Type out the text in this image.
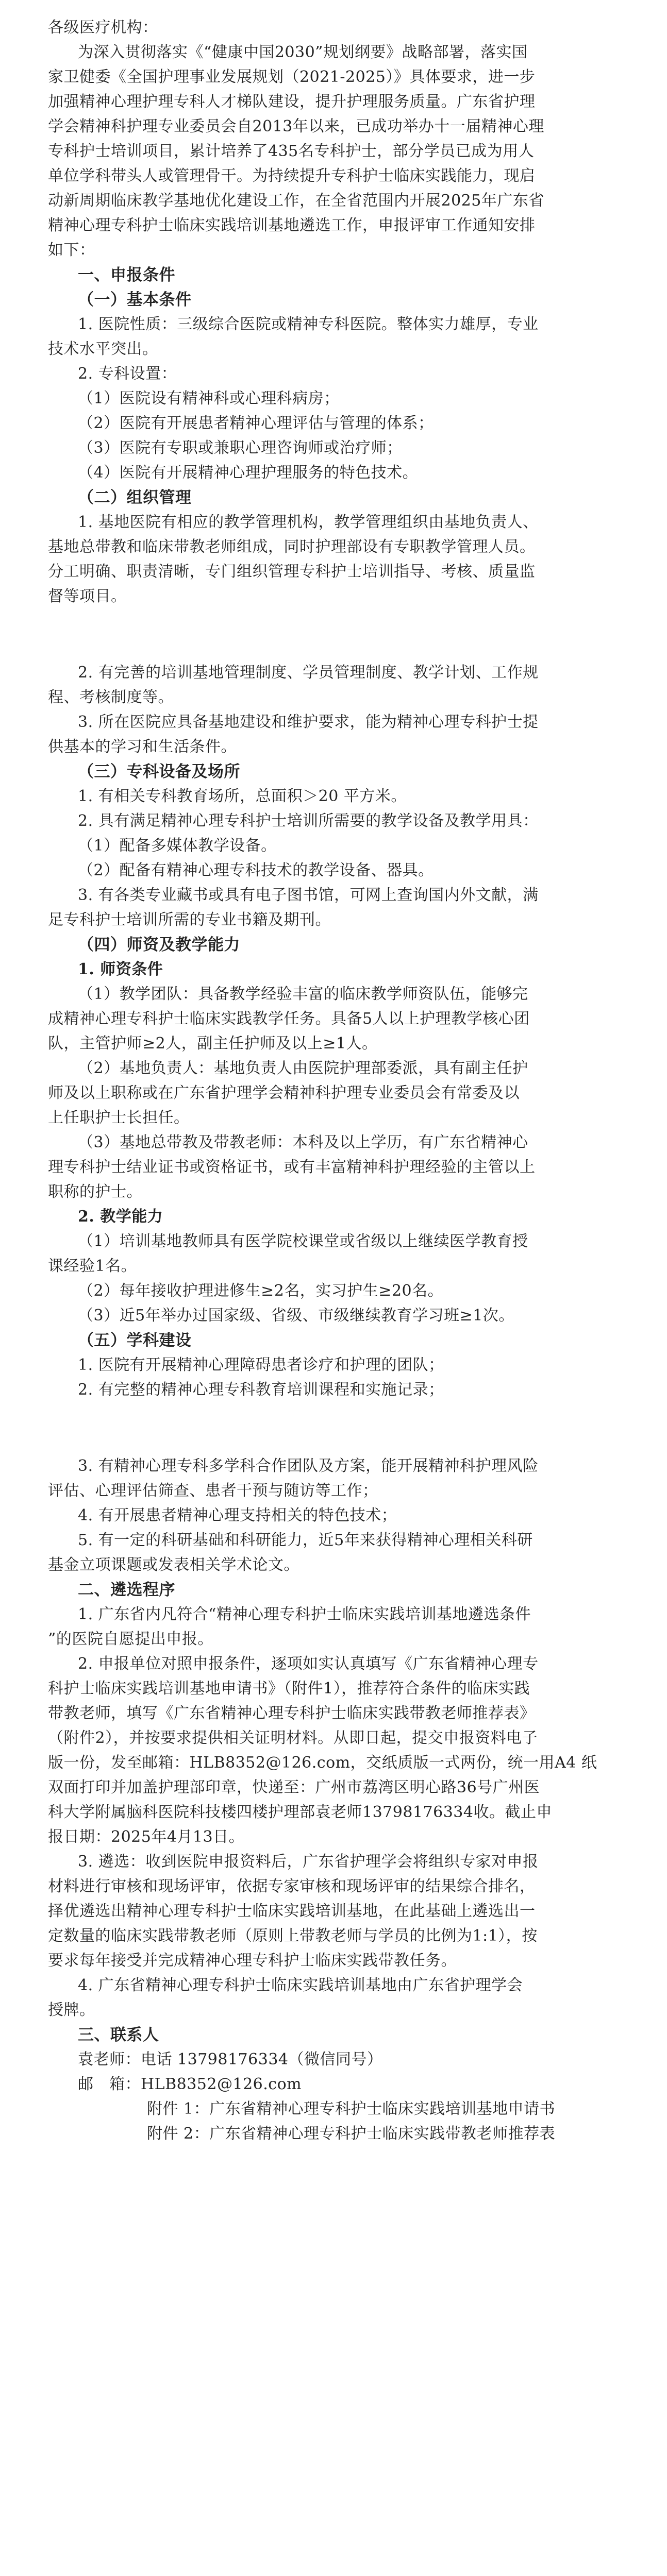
各级医疗机构：
为深入贯彻落实《“健康中国2030”规划纲要》战略部署，落实国
家卫健委《全国护理事业发展规划（2021-2025）》具体要求，进一步
加强精神心理护理专科人才梯队建设，提升护理服务质量。广东省护理
学会精神科护理专业委员会自2013年以来，已成功举办十一届精神心理
专科护士培训项目，累计培养了435名专科护士，部分学员已成为用人
单位学科带头人或管理骨干。为持续提升专科护士临床实践能力，现启
动新周期临床教学基地优化建设工作，在全省范围内开展2025年广东省
精神心理专科护士临床实践培训基地遴选工作，申报评审工作通知安排
如下：
一、申报条件
（一）基本条件
1. 医院性质：三级综合医院或精神专科医院。整体实力雄厚，专业
技术水平突出。
2. 专科设置：
（1）医院设有精神科或心理科病房；
（2）医院有开展患者精神心理评估与管理的体系；
（3）医院有专职或兼职心理咨询师或治疗师；
（4）医院有开展精神心理护理服务的特色技术。
（二）组织管理
1. 基地医院有相应的教学管理机构，教学管理组织由基地负责人、
基地总带教和临床带教老师组成，同时护理部设有专职教学管理人员。
分工明确、职责清晰，专门组织管理专科护士培训指导、考核、质量监
督等项目。
2. 有完善的培训基地管理制度、学员管理制度、教学计划、工作规
程、考核制度等。
3. 所在医院应具备基地建设和维护要求，能为精神心理专科护士提
供基本的学习和生活条件。
（三）专科设备及场所
1. 有相关专科教育场所，总面积＞20 平方米。
2. 具有满足精神心理专科护士培训所需要的教学设备及教学用具：
（1）配备多媒体教学设备。
（2）配备有精神心理专科技术的教学设备、器具。
3. 有各类专业藏书或具有电子图书馆，可网上查询国内外文献，满
足专科护士培训所需的专业书籍及期刊。
（四）师资及教学能力
1. 师资条件
（1）教学团队：具备教学经验丰富的临床教学师资队伍，能够完
成精神心理专科护士临床实践教学任务。具备5人以上护理教学核心团
队，主管护师≥2人，副主任护师及以上≥1人。
（2）基地负责人：基地负责人由医院护理部委派，具有副主任护
师及以上职称或在广东省护理学会精神科护理专业委员会有常委及以
上任职护士长担任。
（3）基地总带教及带教老师：本科及以上学历，有广东省精神心
理专科护士结业证书或资格证书，或有丰富精神科护理经验的主管以上
职称的护士。
2. 教学能力
（1）培训基地教师具有医学院校课堂或省级以上继续医学教育授
课经验1名。
（2）每年接收护理进修生≥2名，实习护生≥20名。
（3）近5年举办过国家级、省级、市级继续教育学习班≥1次。
（五）学科建设
1. 医院有开展精神心理障碍患者诊疗和护理的团队；
2. 有完整的精神心理专科教育培训课程和实施记录；
3. 有精神心理专科多学科合作团队及方案，能开展精神科护理风险
评估、心理评估筛查、患者干预与随访等工作；
4. 有开展患者精神心理支持相关的特色技术；
5. 有一定的科研基础和科研能力，近5年来获得精神心理相关科研
基金立项课题或发表相关学术论文。
二、遴选程序
1. 广东省内凡符合“精神心理专科护士临床实践培训基地遴选条件
”的医院自愿提出申报。
2. 申报单位对照申报条件，逐项如实认真填写《广东省精神心理专
科护士临床实践培训基地申请书》（附件1），推荐符合条件的临床实践
带教老师，填写《广东省精神心理专科护士临床实践带教老师推荐表》
（附件2），并按要求提供相关证明材料。从即日起，提交申报资料电子
版一份，发至邮箱：HLB8352@126.com，交纸质版一式两份，统一用A4 纸
双面打印并加盖护理部印章，快递至：广州市荔湾区明心路36号广州医
科大学附属脑科医院科技楼四楼护理部袁老师13798176334收。截止申
报日期：2025年4月13日。
3. 遴选：收到医院申报资料后，广东省护理学会将组织专家对申报
材料进行审核和现场评审，依据专家审核和现场评审的结果综合排名，
择优遴选出精神心理专科护士临床实践培训基地，在此基础上遴选出一
定数量的临床实践带教老师（原则上带教老师与学员的比例为1:1），按
要求每年接受并完成精神心理专科护士临床实践带教任务。
4. 广东省精神心理专科护士临床实践培训基地由广东省护理学会
授牌。
三、联系人
袁老师：电话 13798176334（微信同号）
邮　箱：HLB8352@126.com
附件 1：广东省精神心理专科护士临床实践培训基地申请书
附件 2：广东省精神心理专科护士临床实践带教老师推荐表
